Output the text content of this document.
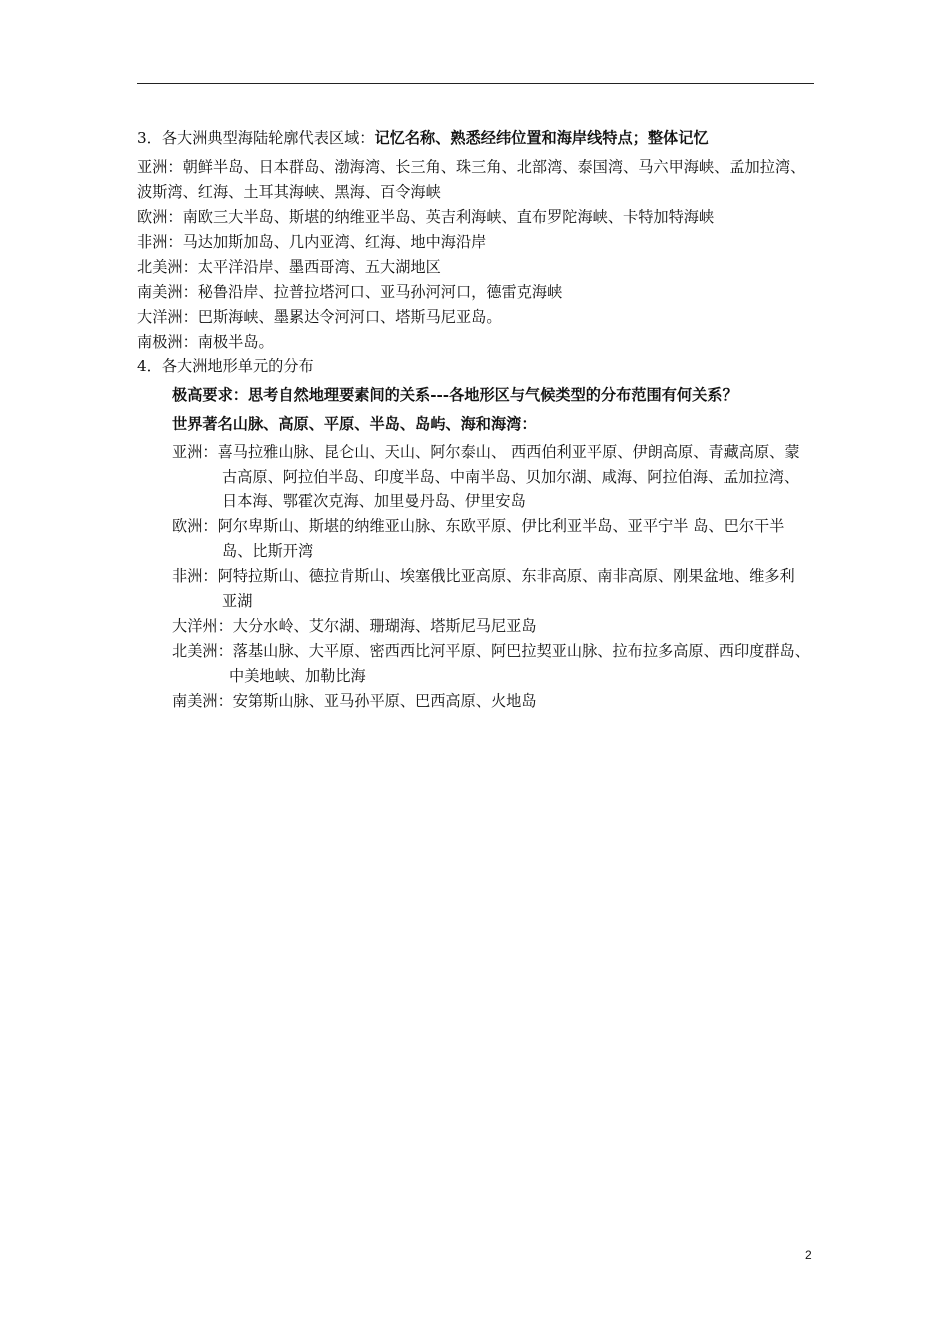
3．各大洲典型海陆轮廓代表区域：记忆名称、熟悉经纬位置和海岸线特点；整体记忆
亚洲：朝鲜半岛、日本群岛、渤海湾、长三角、珠三角、北部湾、泰国湾、马六甲海峡、孟加拉湾、
波斯湾、红海、土耳其海峡、黑海、百令海峡
欧洲：南欧三大半岛、斯堪的纳维亚半岛、英吉利海峡、直布罗陀海峡、卡特加特海峡
非洲：马达加斯加岛、几内亚湾、红海、地中海沿岸
北美洲：太平洋沿岸、墨西哥湾、五大湖地区
南美洲：秘鲁沿岸、拉普拉塔河口、亚马孙河河口，德雷克海峡
大洋洲：巴斯海峡、墨累达令河河口、塔斯马尼亚岛。
南极洲：南极半岛。
4．各大洲地形单元的分布
极高要求：思考自然地理要素间的关系---各地形区与气候类型的分布范围有何关系？
世界著名山脉、高原、平原、半岛、岛屿、海和海湾：
亚洲：喜马拉雅山脉、昆仑山、天山、阿尔泰山、 西西伯利亚平原、伊朗高原、青藏高原、蒙
古高原、阿拉伯半岛、印度半岛、中南半岛、贝加尔湖、咸海、阿拉伯海、孟加拉湾、
日本海、鄂霍次克海、加里曼丹岛、伊里安岛
欧洲：阿尔卑斯山、斯堪的纳维亚山脉、东欧平原、伊比利亚半岛、亚平宁半 岛、巴尔干半
岛、比斯开湾
非洲：阿特拉斯山、德拉肯斯山、埃塞俄比亚高原、东非高原、南非高原、刚果盆地、维多利
亚湖
大洋州：大分水岭、艾尔湖、珊瑚海、塔斯尼马尼亚岛
北美洲：落基山脉、大平原、密西西比河平原、阿巴拉契亚山脉、拉布拉多高原、西印度群岛、
中美地峡、加勒比海
南美洲：安第斯山脉、亚马孙平原、巴西高原、火地岛
2
